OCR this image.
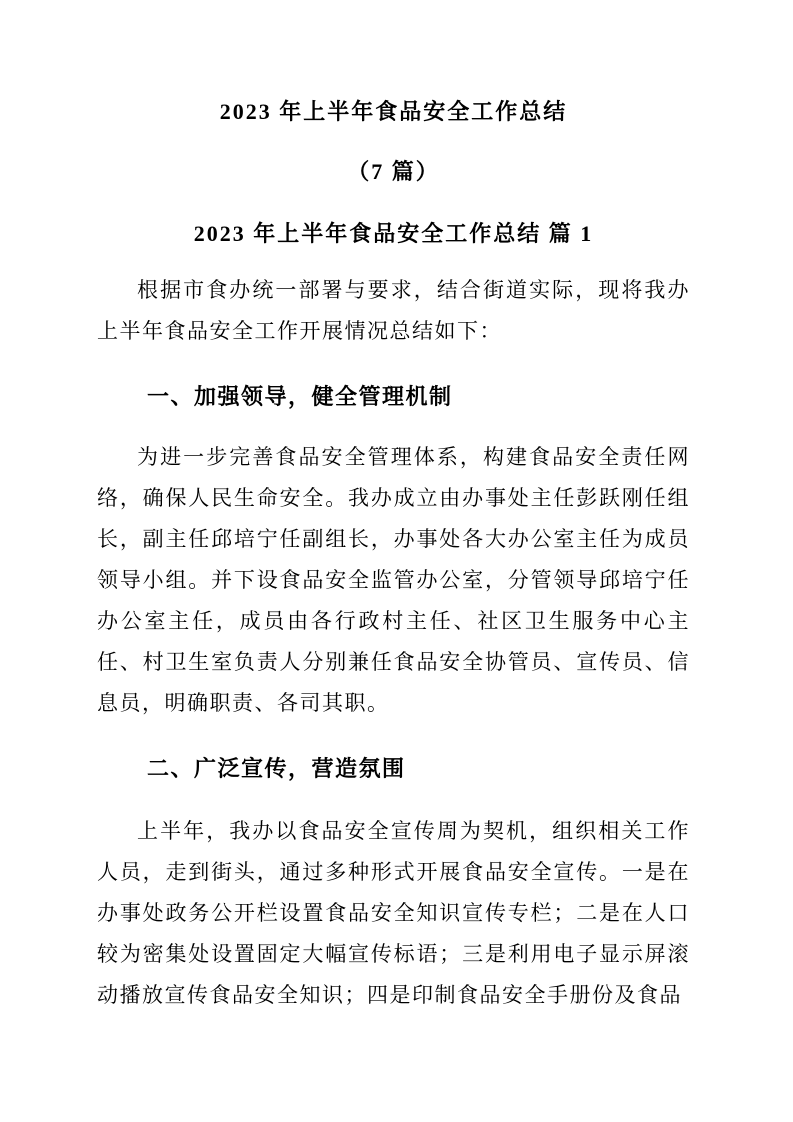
2023 年上半年食品安全工作总结

（7 篇）

2023 年上半年食品安全工作总结 篇 1

根据市食办统一部署与要求，结合街道实际，现将我办上半年食品安全工作开展情况总结如下：

一、加强领导，健全管理机制

为进一步完善食品安全管理体系，构建食品安全责任网络，确保人民生命安全。我办成立由办事处主任彭跃刚任组长，副主任邱培宁任副组长，办事处各大办公室主任为成员领导小组。并下设食品安全监管办公室，分管领导邱培宁任办公室主任，成员由各行政村主任、社区卫生服务中心主任、村卫生室负责人分别兼任食品安全协管员、宣传员、信息员，明确职责、各司其职。

二、广泛宣传，营造氛围

上半年，我办以食品安全宣传周为契机，组织相关工作人员，走到街头，通过多种形式开展食品安全宣传。一是在办事处政务公开栏设置食品安全知识宣传专栏；二是在人口较为密集处设置固定大幅宣传标语；三是利用电子显示屏滚动播放宣传食品安全知识；四是印制食品安全手册份及食品
